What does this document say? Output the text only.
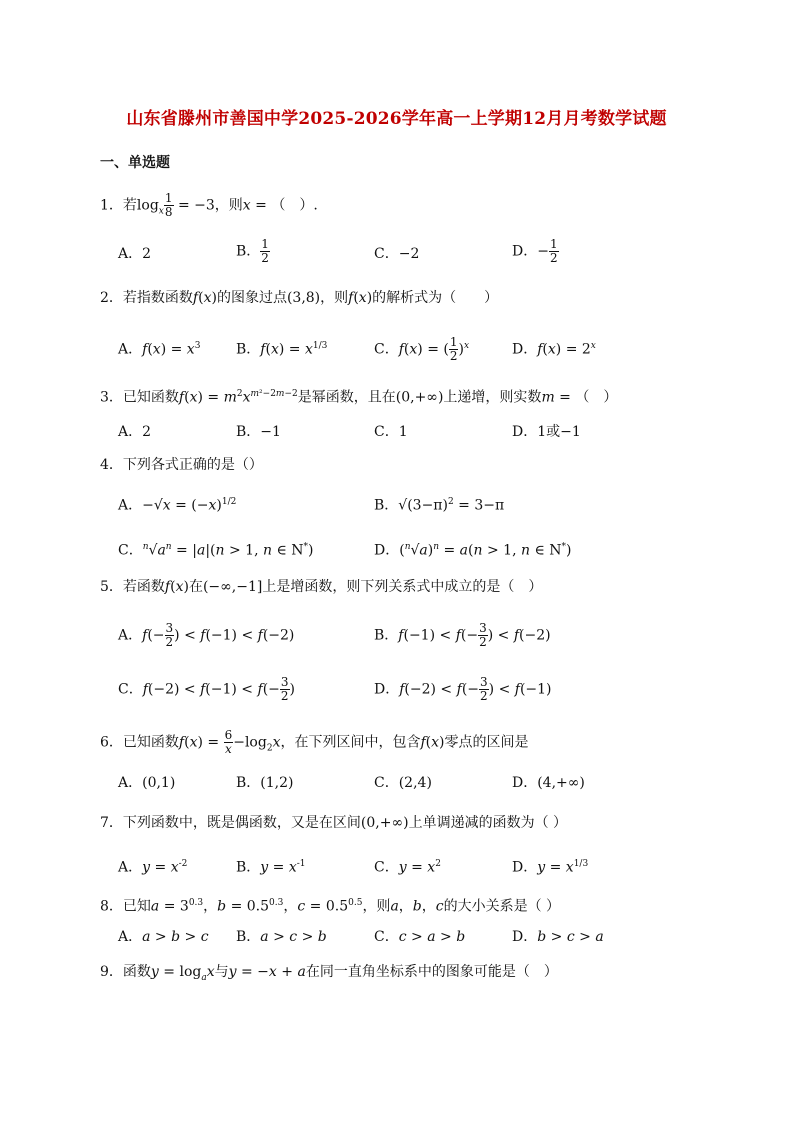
山东省滕州市善国中学2025-2026学年高一上学期12月月考数学试题
一、单选题
1．若$\log_x \frac{1}{8} = -3$，则x = （　）.
A．2	B． $\frac{1}{2}$	C．−2	D．− $\frac{1}{2}$
2．若指数函数f(x)的图象过点(3,8)，则f(x)的解析式为（　　）
A．$f(x) = x^3$	B．$f(x) = x^{1/3}$	C．f(x) = ( $\frac{1}{2} )^x$	D．$f(x) = 2^x$
3．已知函数$f(x) = m^2x^{m^2-2m-2}$是幂函数，且在(0,+∞)上递增，则实数m = （　）
A．2	B．−1	C．1	D．1或−1
4．下列各式正确的是（）
A．$-√x = (-x)^{1/2}$	B．$√(3-\pi)^2 = 3-\pi$
C．$^n√a^n = |a|(n > 1$, n ∈ N*)	D．$(^n√a)^n = a(n > 1$, n ∈ N*)
5．若函数f(x)在(−∞,−1]上是增函数，则下列关系式中成立的是（　）
A．$f(- \frac{3}{2}$ ) < f(−1) < f(−2)	B．$f(-1) < f(- \frac{3}{2}$ ) < f(−2)
C．$f(-2) < f(-1) < f(- \frac{3}{2}$ )	D．$f(-2) < f(- \frac{3}{2}$ ) < f(−1)
6．已知函数$f(x) = \frac{6}{x} -\log_2x$，在下列区间中，包含f(x)零点的区间是
A．(0,1)	B．(1,2)	C．(2,4)	D．(4,+∞)
7．下列函数中，既是偶函数，又是在区间(0,+∞)上单调递减的函数为（ ）
A．$y = x^{-2}$	B．$y = x^{-1}$	C．$y = x^2$	D．$y = x^{1/3}$
8．已知$a = 3^{0.3}$，$b = 0.5^{0.3}$，$c = 0.5^{0.5}$，则a，b，c的大小关系是（ ）
A．a > b > c B．a > c > b	C．c > a > b	D．b > c > a
9．函数$y = \log_ax$与y = −x + a在同一直角坐标系中的图象可能是（　）
